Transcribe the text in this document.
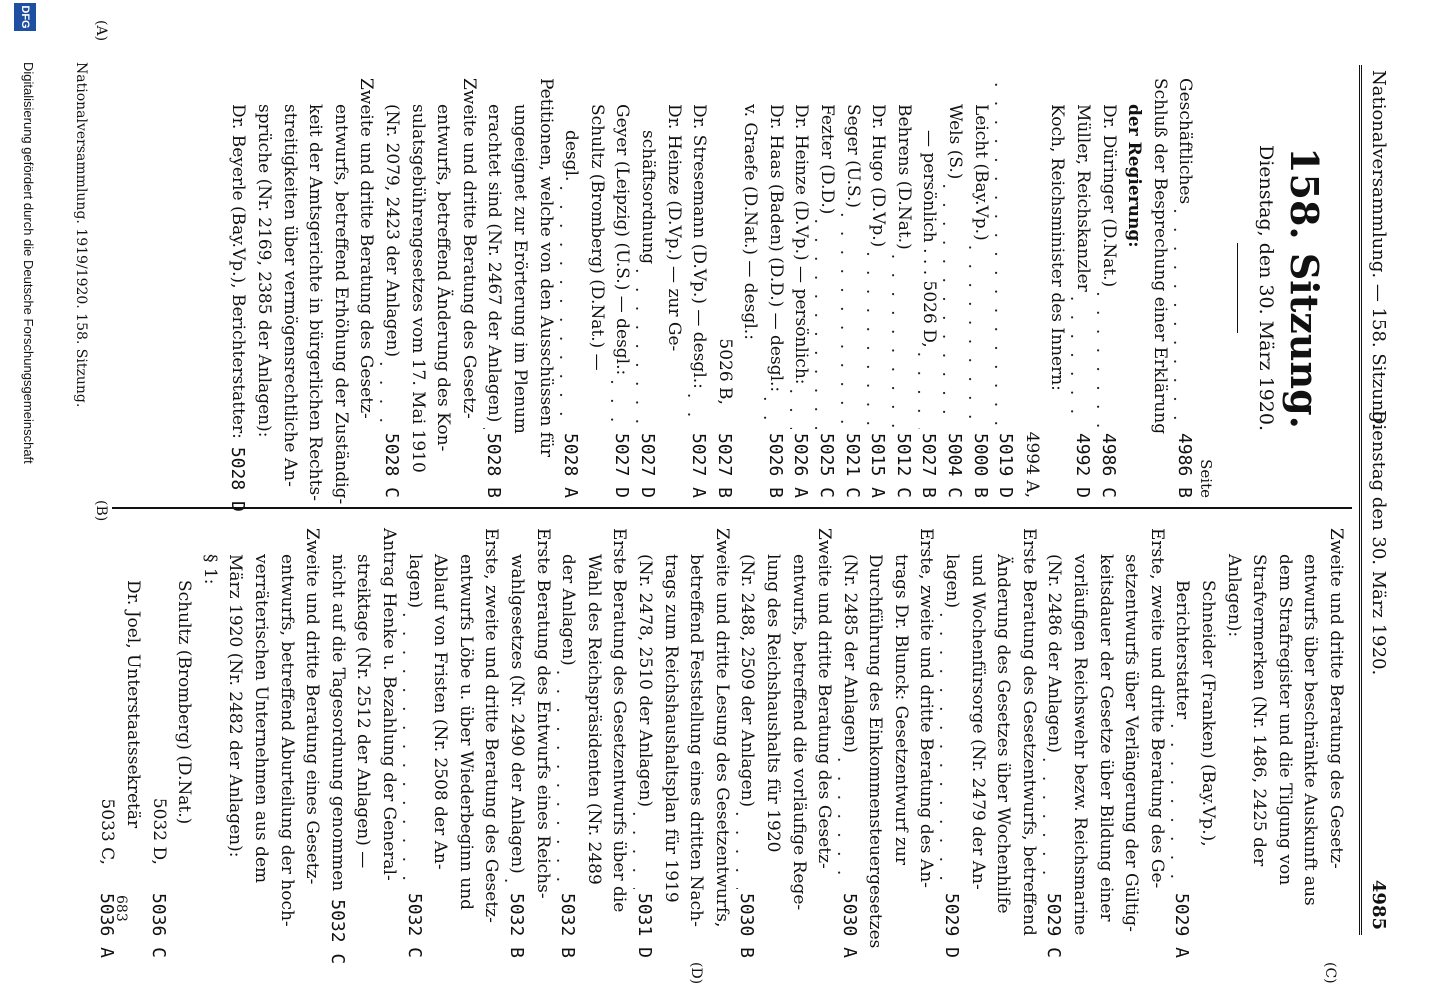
Nationalversammlung. — 158. Sitzung.
Dienstag den 30. März 1920.
4985
158. Sitzung.
Dienstag, den 30. März 1920.
Seite
Geschäftliches
. . .
4986 B
Schluß der Besprechung einer Erklärung
der Regierung:
Dr. Düringer (D.Nat.)
. . .
4986 C
Müller, Reichskanzler
. . .
4992 D
Koch, Reichsminister des Innern:
4994 A,
. . .
5019 D
Leicht (Bay.Vp.)
. . .
5000 B
Wels (S.)
. . .
5004 C
— persönlich . . . 5026 D,
. . .
5027 B
Behrens (D.Nat.)
. . .
5012 C
Dr. Hugo (D.Vp.)
. . .
5015 A
Seger (U.S.)
. . .
5021 C
Fezter (D.D.)
. . .
5025 C
Dr. Heinze (D.Vp.) — persönlich:
. . .
5026 A
Dr. Haas (Baden) (D.D.) — desgl.:
. . .
5026 B
v. Graefe (D.Nat.) — desgl.:
5026 B,
5027 B
Dr. Stresemann (D.Vp.) — desgl.:
. . .
5027 A
Dr. Heinze (D.Vp.) — zur Ge-
schäftsordnung
. . .
5027 D
Geyer (Leipzig) (U.S.) — desgl.:
. . .
5027 D
Schultz (Bromberg) (D.Nat.) —
desgl.
. . .
5028 A
Petitionen, welche von den Ausschüssen für
ungeeignet zur Erörterung im Plenum
erachtet sind (Nr. 2467 der Anlagen)
. . .
5028 B
Zweite und dritte Beratung des Gesetz-
entwurfs, betreffend Änderung des Kon-
sulatsgebührengesetzes vom 17. Mai 1910
(Nr. 2079, 2423 der Anlagen)
. . .
5028 C
Zweite und dritte Beratung des Gesetz-
entwurfs, betreffend Erhöhung der Zuständig-
keit der Amtsgerichte in bürgerlichen Rechts-
streitigkeiten über vermögensrechtliche An-
sprüche (Nr. 2169, 2385 der Anlagen):
Dr. Beyerle (Bay.Vp.), Berichterstatter:
5028 D
Zweite und dritte Beratung des Gesetz-
entwurfs über beschränkte Auskunft aus
dem Strafregister und die Tilgung von
Strafvermerken (Nr. 1486, 2425 der
Anlagen):
Schneider (Franken) (Bay.Vp.),
Berichterstatter
. . .
5029 A
Erste, zweite und dritte Beratung des Ge-
setzentwurfs über Verlängerung der Gültig-
keitsdauer der Gesetze über Bildung einer
vorläufigen Reichswehr bezw. Reichsmarine
(Nr. 2486 der Anlagen)
. . .
5029 C
Erste Beratung des Gesetzentwurfs, betreffend
Änderung des Gesetzes über Wochenhilfe
und Wochenfürsorge (Nr. 2479 der An-
lagen)
. . .
5029 D
Erste, zweite und dritte Beratung des An-
trags Dr. Blunck: Gesetzentwurf zur
Durchführung des Einkommensteuergesetzes
(Nr. 2485 der Anlagen)
. . .
5030 A
Zweite und dritte Beratung des Gesetz-
entwurfs, betreffend die vorläufige Rege-
lung des Reichshaushalts für 1920
(Nr. 2488, 2509 der Anlagen)
. . .
5030 B
Zweite und dritte Lesung des Gesetzentwurfs,
betreffend Feststellung eines dritten Nach-
trags zum Reichshaushaltsplan für 1919
(Nr. 2478, 2510 der Anlagen)
. . .
5031 D
Erste Beratung des Gesetzentwurfs über die
Wahl des Reichspräsidenten (Nr. 2489
der Anlagen)
. . .
5032 B
Erste Beratung des Entwurfs eines Reichs-
wahlgesetzes (Nr. 2490 der Anlagen)
. . .
5032 B
Erste, zweite und dritte Beratung des Gesetz-
entwurfs Löbe u. über Wiederbeginn und
Ablauf von Fristen (Nr. 2508 der An-
lagen)
. . .
5032 C
Antrag Henke u. Bezahlung der General-
streiktage (Nr. 2512 der Anlagen) —
nicht auf die Tagesordnung genommen
5032 C
Zweite und dritte Beratung eines Gesetz-
entwurfs, betreffend Aburteilung der hoch-
verräterischen Unternehmen aus dem
März 1920 (Nr. 2482 der Anlagen):
§ 1:
Schultz (Bromberg) (D.Nat.)
5032 D,
5036 C
Dr. Joel, Unterstaatssekretär
5033 C,
5036 A
(A)
(B)
(C)
(D)
Nationalversammlung. 1919/1920. 158. Sitzung.
683
DFG
Digitalisierung gefördert durch die Deutsche Forschungsgemeinschaft
